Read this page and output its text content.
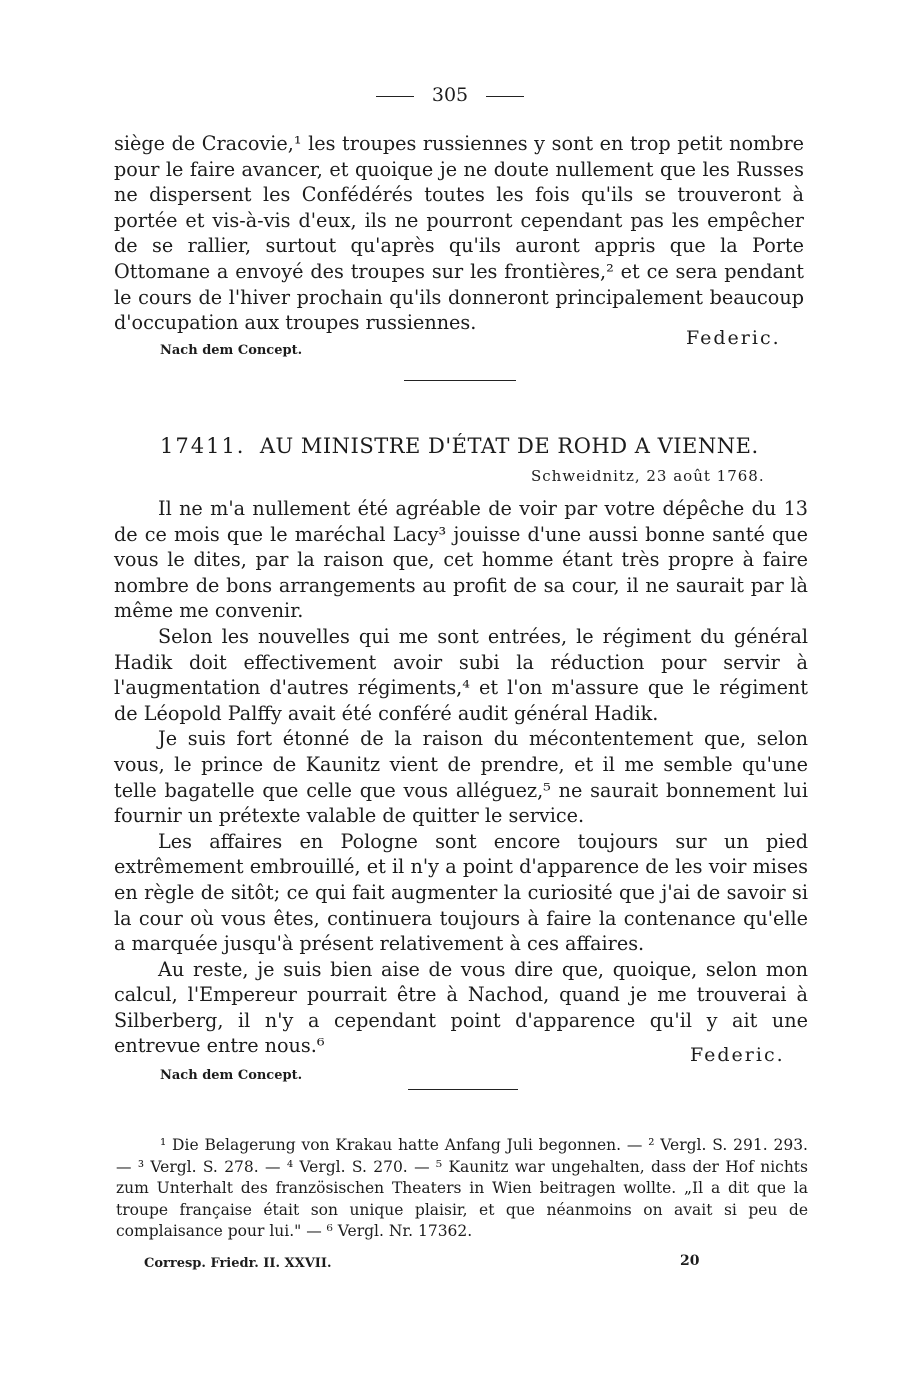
305

siège de Cracovie,¹ les troupes russiennes y sont en trop petit nombre pour le faire avancer, et quoique je ne doute nullement que les Russes ne dispersent les Confédérés toutes les fois qu'ils se trouveront à portée et vis-à-vis d'eux, ils ne pourront cependant pas les empêcher de se rallier, surtout qu'après qu'ils auront appris que la Porte Ottomane a envoyé des troupes sur les frontières,² et ce sera pendant le cours de l'hiver prochain qu'ils donneront principalement beaucoup d'occupation aux troupes russiennes.

Federic.
Nach dem Concept.
17411. AU MINISTRE D'ÉTAT DE ROHD A VIENNE.
Schweidnitz, 23 août 1768.

Il ne m'a nullement été agréable de voir par votre dépêche du 13 de ce mois que le maréchal Lacy³ jouisse d'une aussi bonne santé que vous le dites, par la raison que, cet homme étant très propre à faire nombre de bons arrangements au profit de sa cour, il ne saurait par là même me convenir.

Selon les nouvelles qui me sont entrées, le régiment du général Hadik doit effectivement avoir subi la réduction pour servir à l'augmentation d'autres régiments,⁴ et l'on m'assure que le régiment de Léopold Palffy avait été conféré audit général Hadik.

Je suis fort étonné de la raison du mécontentement que, selon vous, le prince de Kaunitz vient de prendre, et il me semble qu'une telle bagatelle que celle que vous alléguez,⁵ ne saurait bonnement lui fournir un prétexte valable de quitter le service.

Les affaires en Pologne sont encore toujours sur un pied extrêmement embrouillé, et il n'y a point d'apparence de les voir mises en règle de sitôt; ce qui fait augmenter la curiosité que j'ai de savoir si la cour où vous êtes, continuera toujours à faire la contenance qu'elle a marquée jusqu'à présent relativement à ces affaires.

Au reste, je suis bien aise de vous dire que, quoique, selon mon calcul, l'Empereur pourrait être à Nachod, quand je me trouverai à Silberberg, il n'y a cependant point d'apparence qu'il y ait une entrevue entre nous.⁶	Federic.
Nach dem Concept.

¹ Die Belagerung von Krakau hatte Anfang Juli begonnen. — ² Vergl. S. 291. 293. — ³ Vergl. S. 278. — ⁴ Vergl. S. 270. — ⁵ Kaunitz war ungehalten, dass der Hof nichts zum Unterhalt des französischen Theaters in Wien beitragen wollte. „Il a dit que la troupe française était son unique plaisir, et que néanmoins on avait si peu de complaisance pour lui." — ⁶ Vergl. Nr. 17362.

Corresp. Friedr. II. XXVII.	20
